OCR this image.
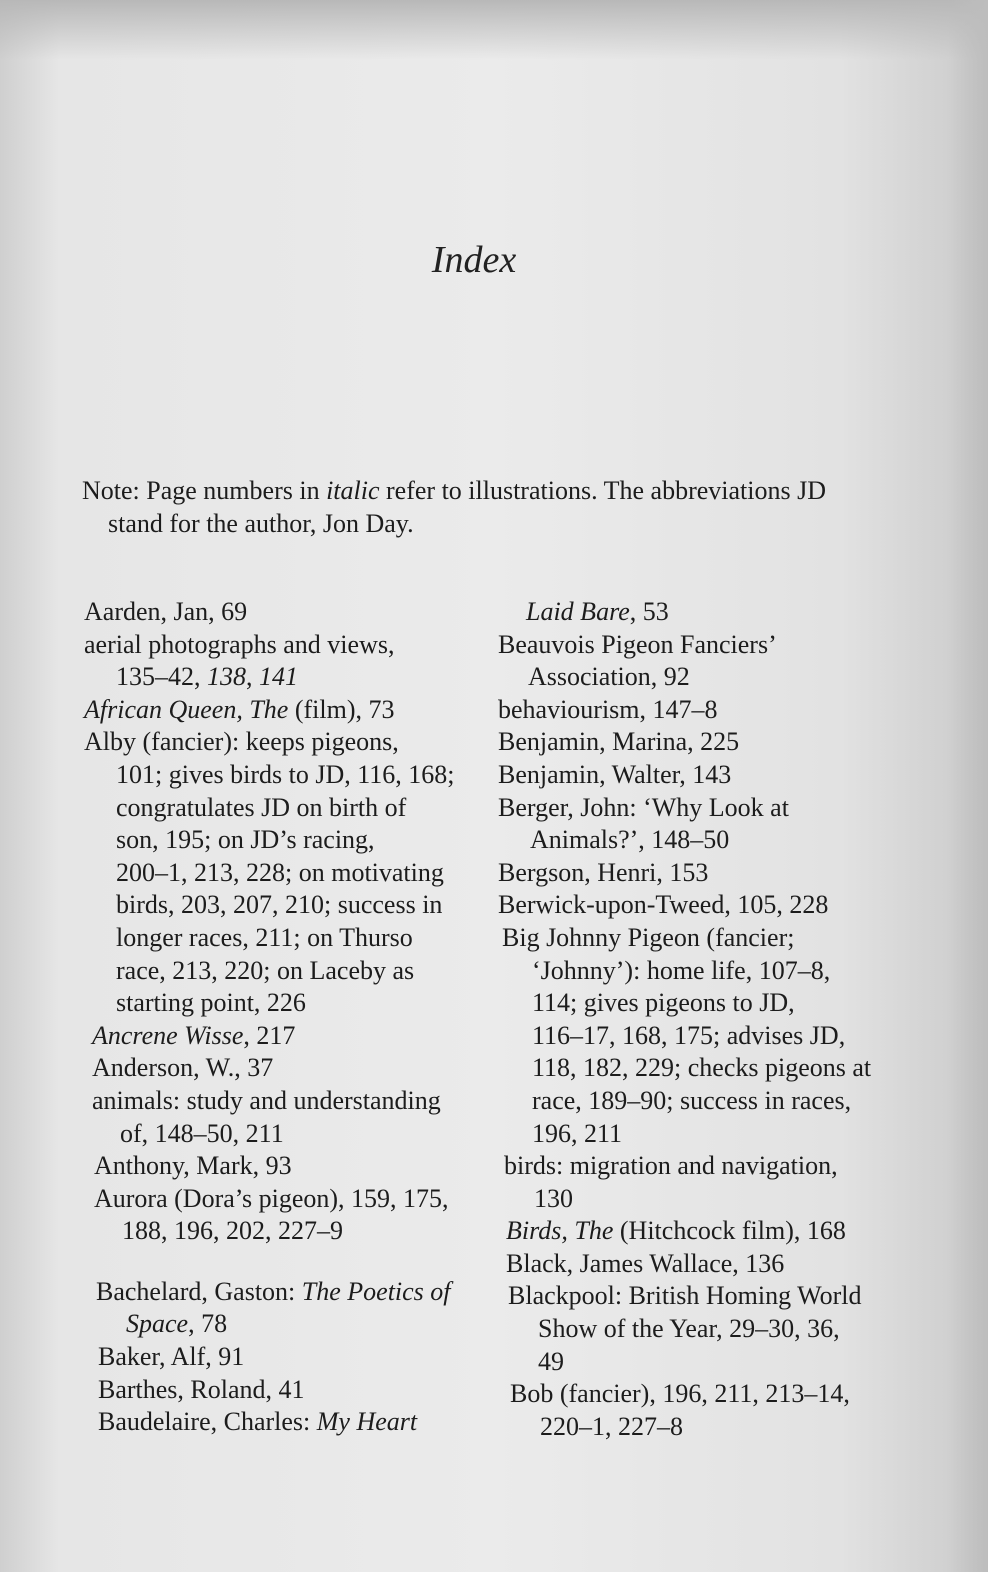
Index
Note: Page numbers in italic refer to illustrations. The abbreviations JD
stand for the author, Jon Day.
Aarden, Jan, 69
aerial photographs and views,
135–42, 138, 141
African Queen, The (film), 73
Alby (fancier): keeps pigeons,
101; gives birds to JD, 116, 168;
congratulates JD on birth of
son, 195; on JD’s racing,
200–1, 213, 228; on motivating
birds, 203, 207, 210; success in
longer races, 211; on Thurso
race, 213, 220; on Laceby as
starting point, 226
Ancrene Wisse, 217
Anderson, W., 37
animals: study and understanding
of, 148–50, 211
Anthony, Mark, 93
Aurora (Dora’s pigeon), 159, 175,
188, 196, 202, 227–9
Bachelard, Gaston: The Poetics of
Space, 78
Baker, Alf, 91
Barthes, Roland, 41
Baudelaire, Charles: My Heart
Laid Bare, 53
Beauvois Pigeon Fanciers’
Association, 92
behaviourism, 147–8
Benjamin, Marina, 225
Benjamin, Walter, 143
Berger, John: ‘Why Look at
Animals?’, 148–50
Bergson, Henri, 153
Berwick-upon-Tweed, 105, 228
Big Johnny Pigeon (fancier;
‘Johnny’): home life, 107–8,
114; gives pigeons to JD,
116–17, 168, 175; advises JD,
118, 182, 229; checks pigeons at
race, 189–90; success in races,
196, 211
birds: migration and navigation,
130
Birds, The (Hitchcock film), 168
Black, James Wallace, 136
Blackpool: British Homing World
Show of the Year, 29–30, 36,
49
Bob (fancier), 196, 211, 213–14,
220–1, 227–8
